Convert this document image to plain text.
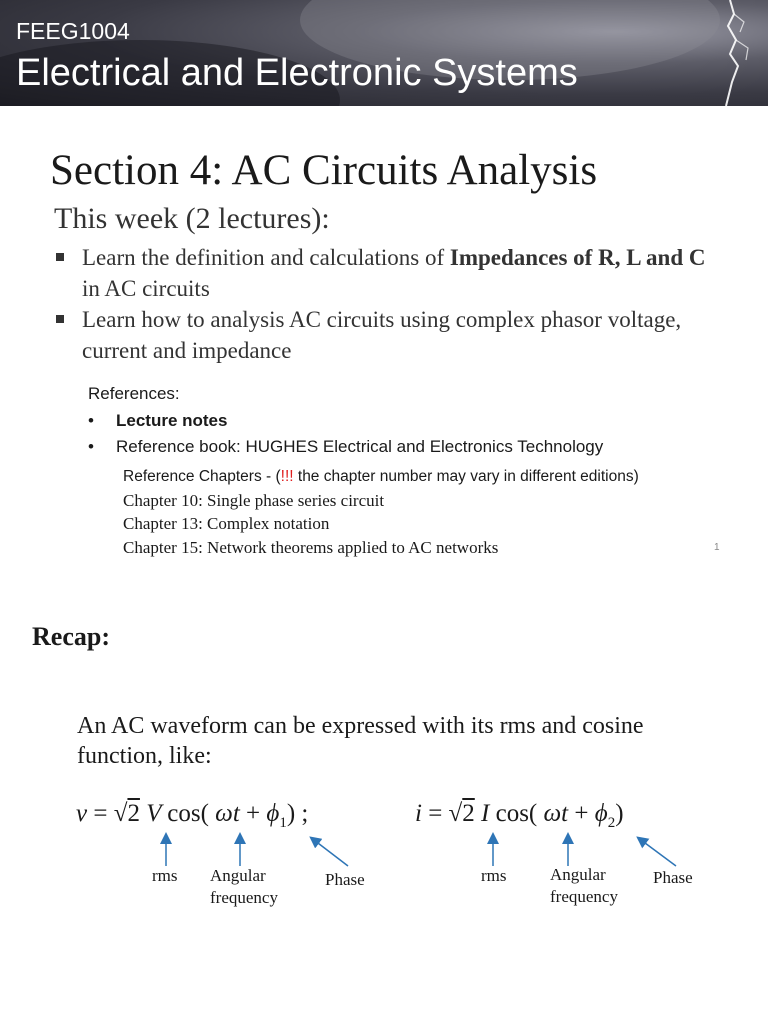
FEEG1004
Electrical and Electronic Systems
Section 4: AC Circuits Analysis
This week (2 lectures):
Learn the definition and calculations of Impedances of R, L and C in AC circuits
Learn how to analysis AC circuits using complex phasor voltage, current and impedance
References:
• Lecture notes
• Reference book: HUGHES Electrical and Electronics Technology
Reference Chapters - (!!! the chapter number may vary in different editions)
Chapter 10: Single phase series circuit
Chapter 13: Complex notation
Chapter 15: Network theorems applied to AC networks	1
Recap:
An AC waveform can be expressed with its rms and cosine function, like:
v = √2 V cos( $\omega t + \phi_1$) ;	i = √2 I cos( $\omega t + \phi_2$)
rms Angular
frequency
Phase	rms	Angular
frequency
Phase
